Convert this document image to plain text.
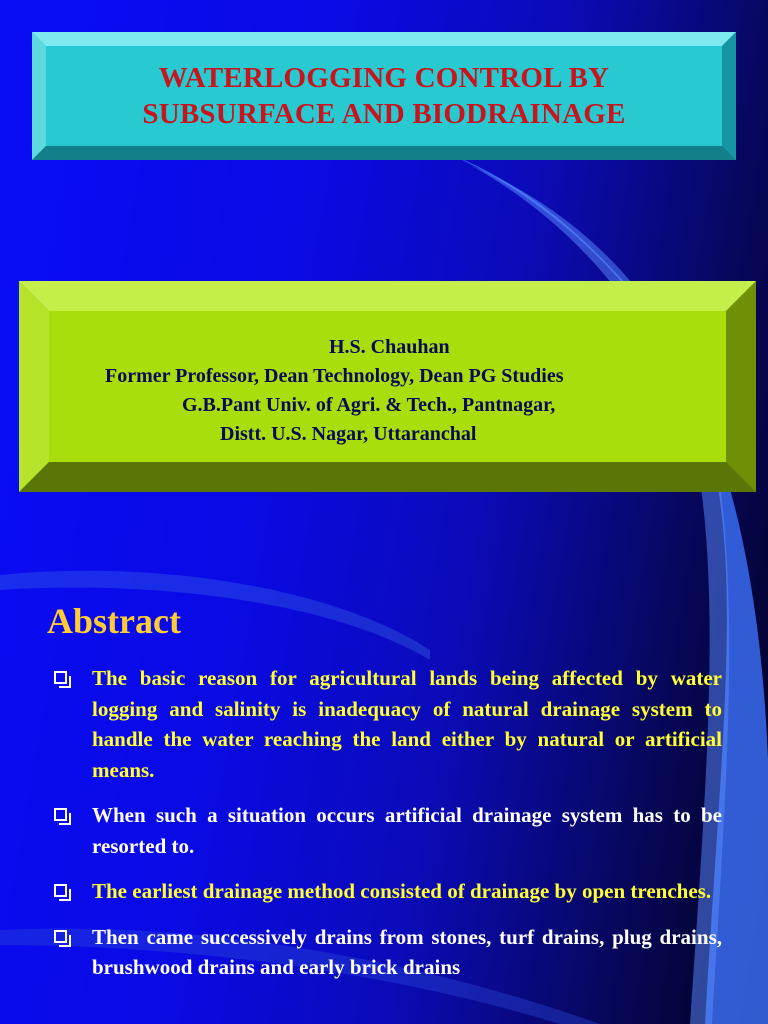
WATERLOGGING CONTROL BY
SUBSURFACE AND BIODRAINAGE
H.S. Chauhan
Former Professor, Dean Technology, Dean PG Studies
G.B.Pant Univ. of Agri. & Tech., Pantnagar,
Distt. U.S. Nagar, Uttaranchal
Abstract
The basic reason for agricultural lands being affected by water logging and salinity is inadequacy of natural drainage system to handle the water reaching the land either by natural or artificial means.
When such a situation occurs artificial drainage system has to be resorted to.
The earliest drainage method consisted of drainage by open trenches.
Then came successively drains from stones, turf drains, plug drains, brushwood drains and early brick drains
